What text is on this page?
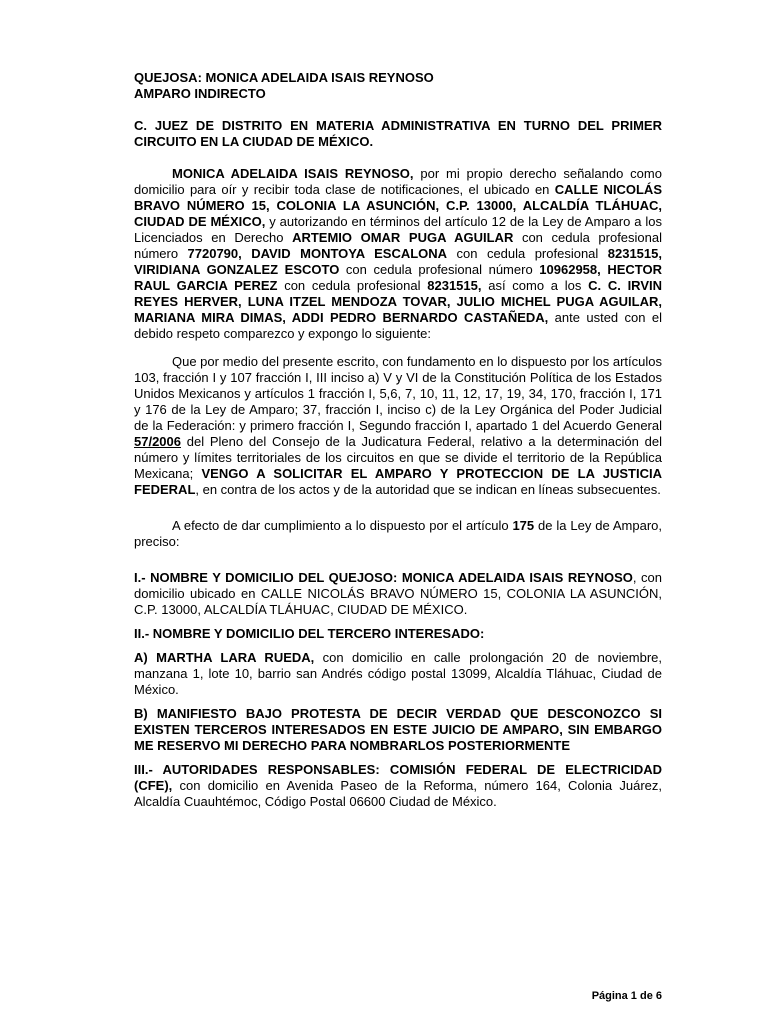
QUEJOSA: MONICA ADELAIDA ISAIS REYNOSO

AMPARO INDIRECTO

C. JUEZ DE DISTRITO EN MATERIA ADMINISTRATIVA EN TURNO DEL PRIMER CIRCUITO EN LA CIUDAD DE MÉXICO.

MONICA ADELAIDA ISAIS REYNOSO, por mi propio derecho señalando como domicilio para oír y recibir toda clase de notificaciones, el ubicado en CALLE NICOLÁS BRAVO NÚMERO 15, COLONIA LA ASUNCIÓN, C.P. 13000, ALCALDÍA TLÁHUAC, CIUDAD DE MÉXICO, y autorizando en términos del artículo 12 de la Ley de Amparo a los Licenciados en Derecho ARTEMIO OMAR PUGA AGUILAR con cedula profesional número 7720790, DAVID MONTOYA ESCALONA con cedula profesional 8231515, VIRIDIANA GONZALEZ ESCOTO con cedula profesional número 10962958, HECTOR RAUL GARCIA PEREZ con cedula profesional 8231515, así como a los C. C. IRVIN REYES HERVER, LUNA ITZEL MENDOZA TOVAR, JULIO MICHEL PUGA AGUILAR, MARIANA MIRA DIMAS, ADDI PEDRO BERNARDO CASTAÑEDA, ante usted con el debido respeto comparezco y expongo lo siguiente:

Que por medio del presente escrito, con fundamento en lo dispuesto por los artículos 103, fracción I y 107 fracción I, III inciso a) V y VI de la Constitución Política de los Estados Unidos Mexicanos y artículos 1 fracción I, 5,6, 7, 10, 11, 12, 17, 19, 34, 170, fracción I, 171 y 176 de la Ley de Amparo; 37, fracción I, inciso c) de la Ley Orgánica del Poder Judicial de la Federación: y primero fracción I, Segundo fracción I, apartado 1 del Acuerdo General 57/2006 del Pleno del Consejo de la Judicatura Federal, relativo a la determinación del número y límites territoriales de los circuitos en que se divide el territorio de la República Mexicana; VENGO A SOLICITAR EL AMPARO Y PROTECCION DE LA JUSTICIA FEDERAL, en contra de los actos y de la autoridad que se indican en líneas subsecuentes.

A efecto de dar cumplimiento a lo dispuesto por el artículo 175 de la Ley de Amparo, preciso:

I.- NOMBRE Y DOMICILIO DEL QUEJOSO: MONICA ADELAIDA ISAIS REYNOSO, con domicilio ubicado en CALLE NICOLÁS BRAVO NÚMERO 15, COLONIA LA ASUNCIÓN, C.P. 13000, ALCALDÍA TLÁHUAC, CIUDAD DE MÉXICO.

II.- NOMBRE Y DOMICILIO DEL TERCERO INTERESADO:

A) MARTHA LARA RUEDA, con domicilio en calle prolongación 20 de noviembre, manzana 1, lote 10, barrio san Andrés código postal 13099, Alcaldía Tláhuac, Ciudad de México.

B) MANIFIESTO BAJO PROTESTA DE DECIR VERDAD QUE DESCONOZCO SI EXISTEN TERCEROS INTERESADOS EN ESTE JUICIO DE AMPARO, SIN EMBARGO ME RESERVO MI DERECHO PARA NOMBRARLOS POSTERIORMENTE

III.- AUTORIDADES RESPONSABLES: COMISIÓN FEDERAL DE ELECTRICIDAD (CFE), con domicilio en Avenida Paseo de la Reforma, número 164, Colonia Juárez, Alcaldía Cuauhtémoc, Código Postal 06600 Ciudad de México.

Página 1 de 6
